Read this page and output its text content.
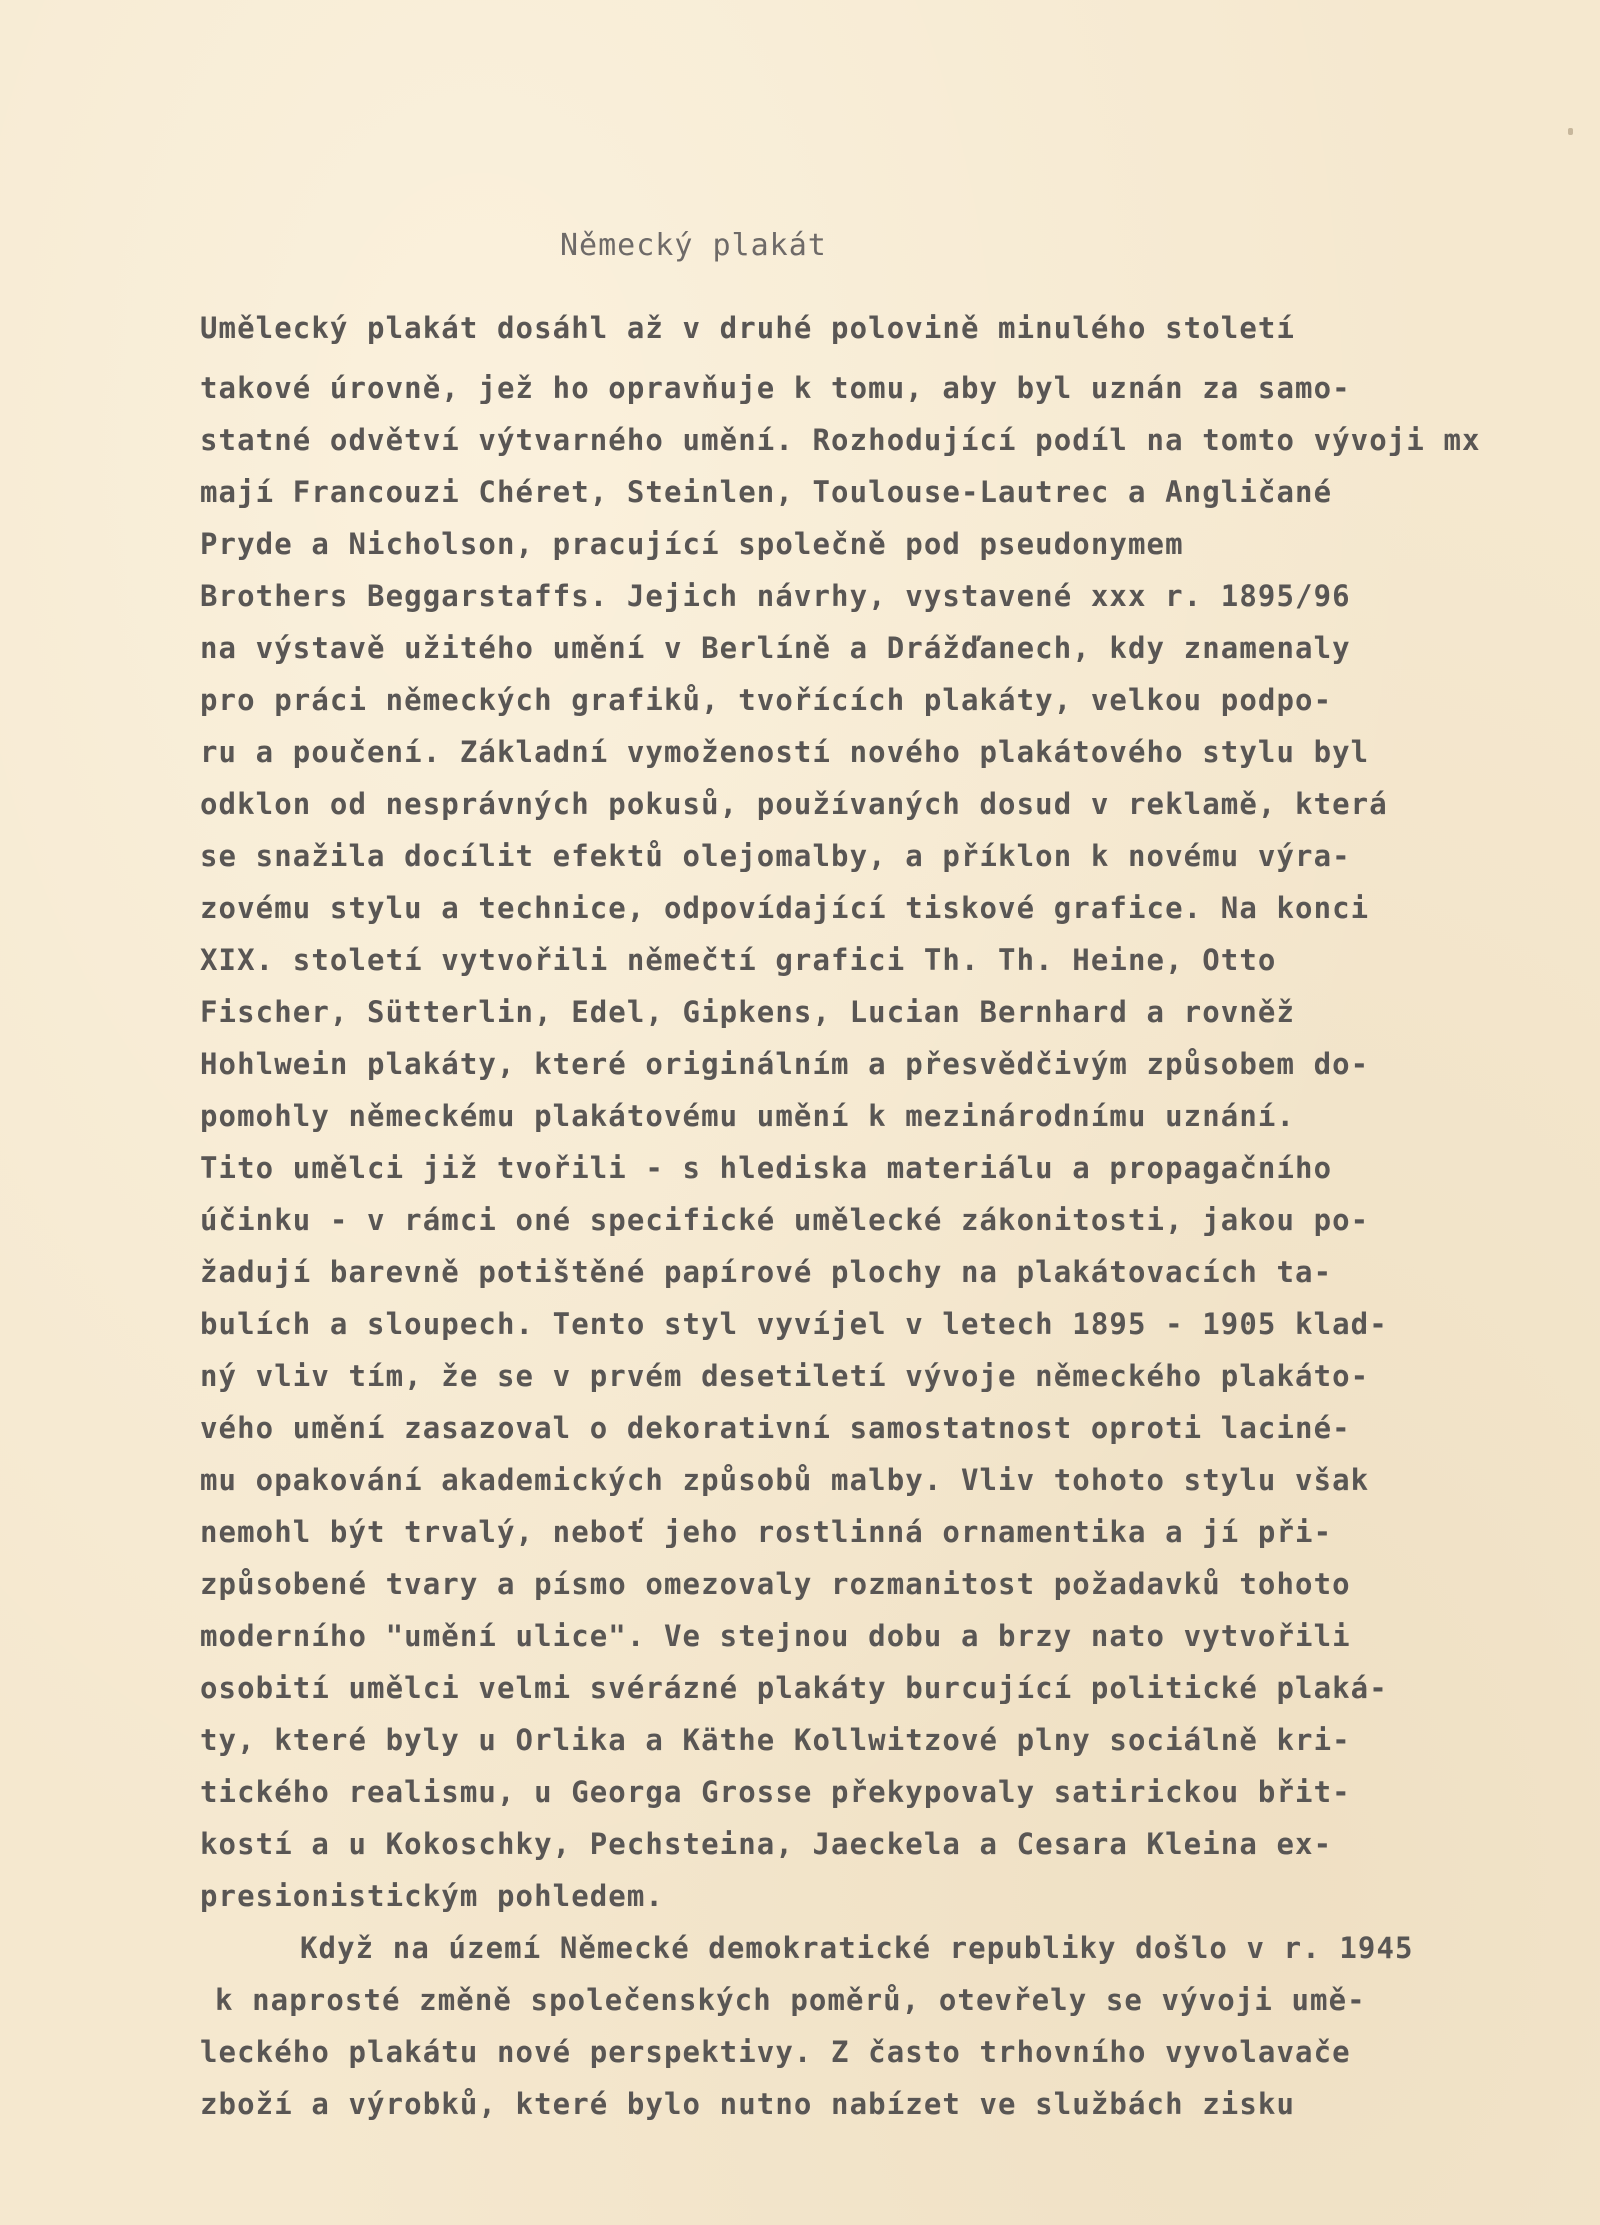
Německý plakát
Umělecký plakát dosáhl až v druhé polovině minulého století
takové úrovně, jež ho opravňuje k tomu, aby byl uznán za samo-
statné odvětví výtvarného umění. Rozhodující podíl na tomto vývoji mx
mají Francouzi Chéret, Steinlen, Toulouse-Lautrec a Angličané
Pryde a Nicholson, pracující společně pod pseudonymem
Brothers Beggarstaffs. Jejich návrhy, vystavené xxx r. 1895/96
na výstavě užitého umění v Berlíně a Drážďanech, kdy znamenaly
pro práci německých grafiků, tvořících plakáty, velkou podpo-
ru a poučení. Základní vymožeností nového plakátového stylu byl
odklon od nesprávných pokusů, používaných dosud v reklamě, která
se snažila docílit efektů olejomalby, a příklon k novému výra-
zovému stylu a technice, odpovídající tiskové grafice. Na konci
XIX. století vytvořili němečtí grafici Th. Th. Heine, Otto
Fischer, Sütterlin, Edel, Gipkens, Lucian Bernhard a rovněž
Hohlwein plakáty, které originálním a přesvědčivým způsobem do-
pomohly německému plakátovému umění k mezinárodnímu uznání.
Tito umělci již tvořili - s hlediska materiálu a propagačního
účinku - v rámci oné specifické umělecké zákonitosti, jakou po-
žadují barevně potištěné papírové plochy na plakátovacích ta-
bulích a sloupech. Tento styl vyvíjel v letech 1895 - 1905 klad-
ný vliv tím, že se v prvém desetiletí vývoje německého plakáto-
vého umění zasazoval o dekorativní samostatnost oproti laciné-
mu opakování akademických způsobů malby. Vliv tohoto stylu však
nemohl být trvalý, neboť jeho rostlinná ornamentika a jí při-
způsobené tvary a písmo omezovaly rozmanitost požadavků tohoto
moderního "umění ulice". Ve stejnou dobu a brzy nato vytvořili
osobití umělci velmi svérázné plakáty burcující politické plaká-
ty, které byly u Orlika a Käthe Kollwitzové plny sociálně kri-
tického realismu, u Georga Grosse překypovaly satirickou břit-
kostí a u Kokoschky, Pechsteina, Jaeckela a Cesara Kleina ex-
presionistickým pohledem.
Když na území Německé demokratické republiky došlo v r. 1945
k naprosté změně společenských poměrů, otevřely se vývoji umě-
leckého plakátu nové perspektivy. Z často trhovního vyvolavače
zboží a výrobků, které bylo nutno nabízet ve službách zisku
